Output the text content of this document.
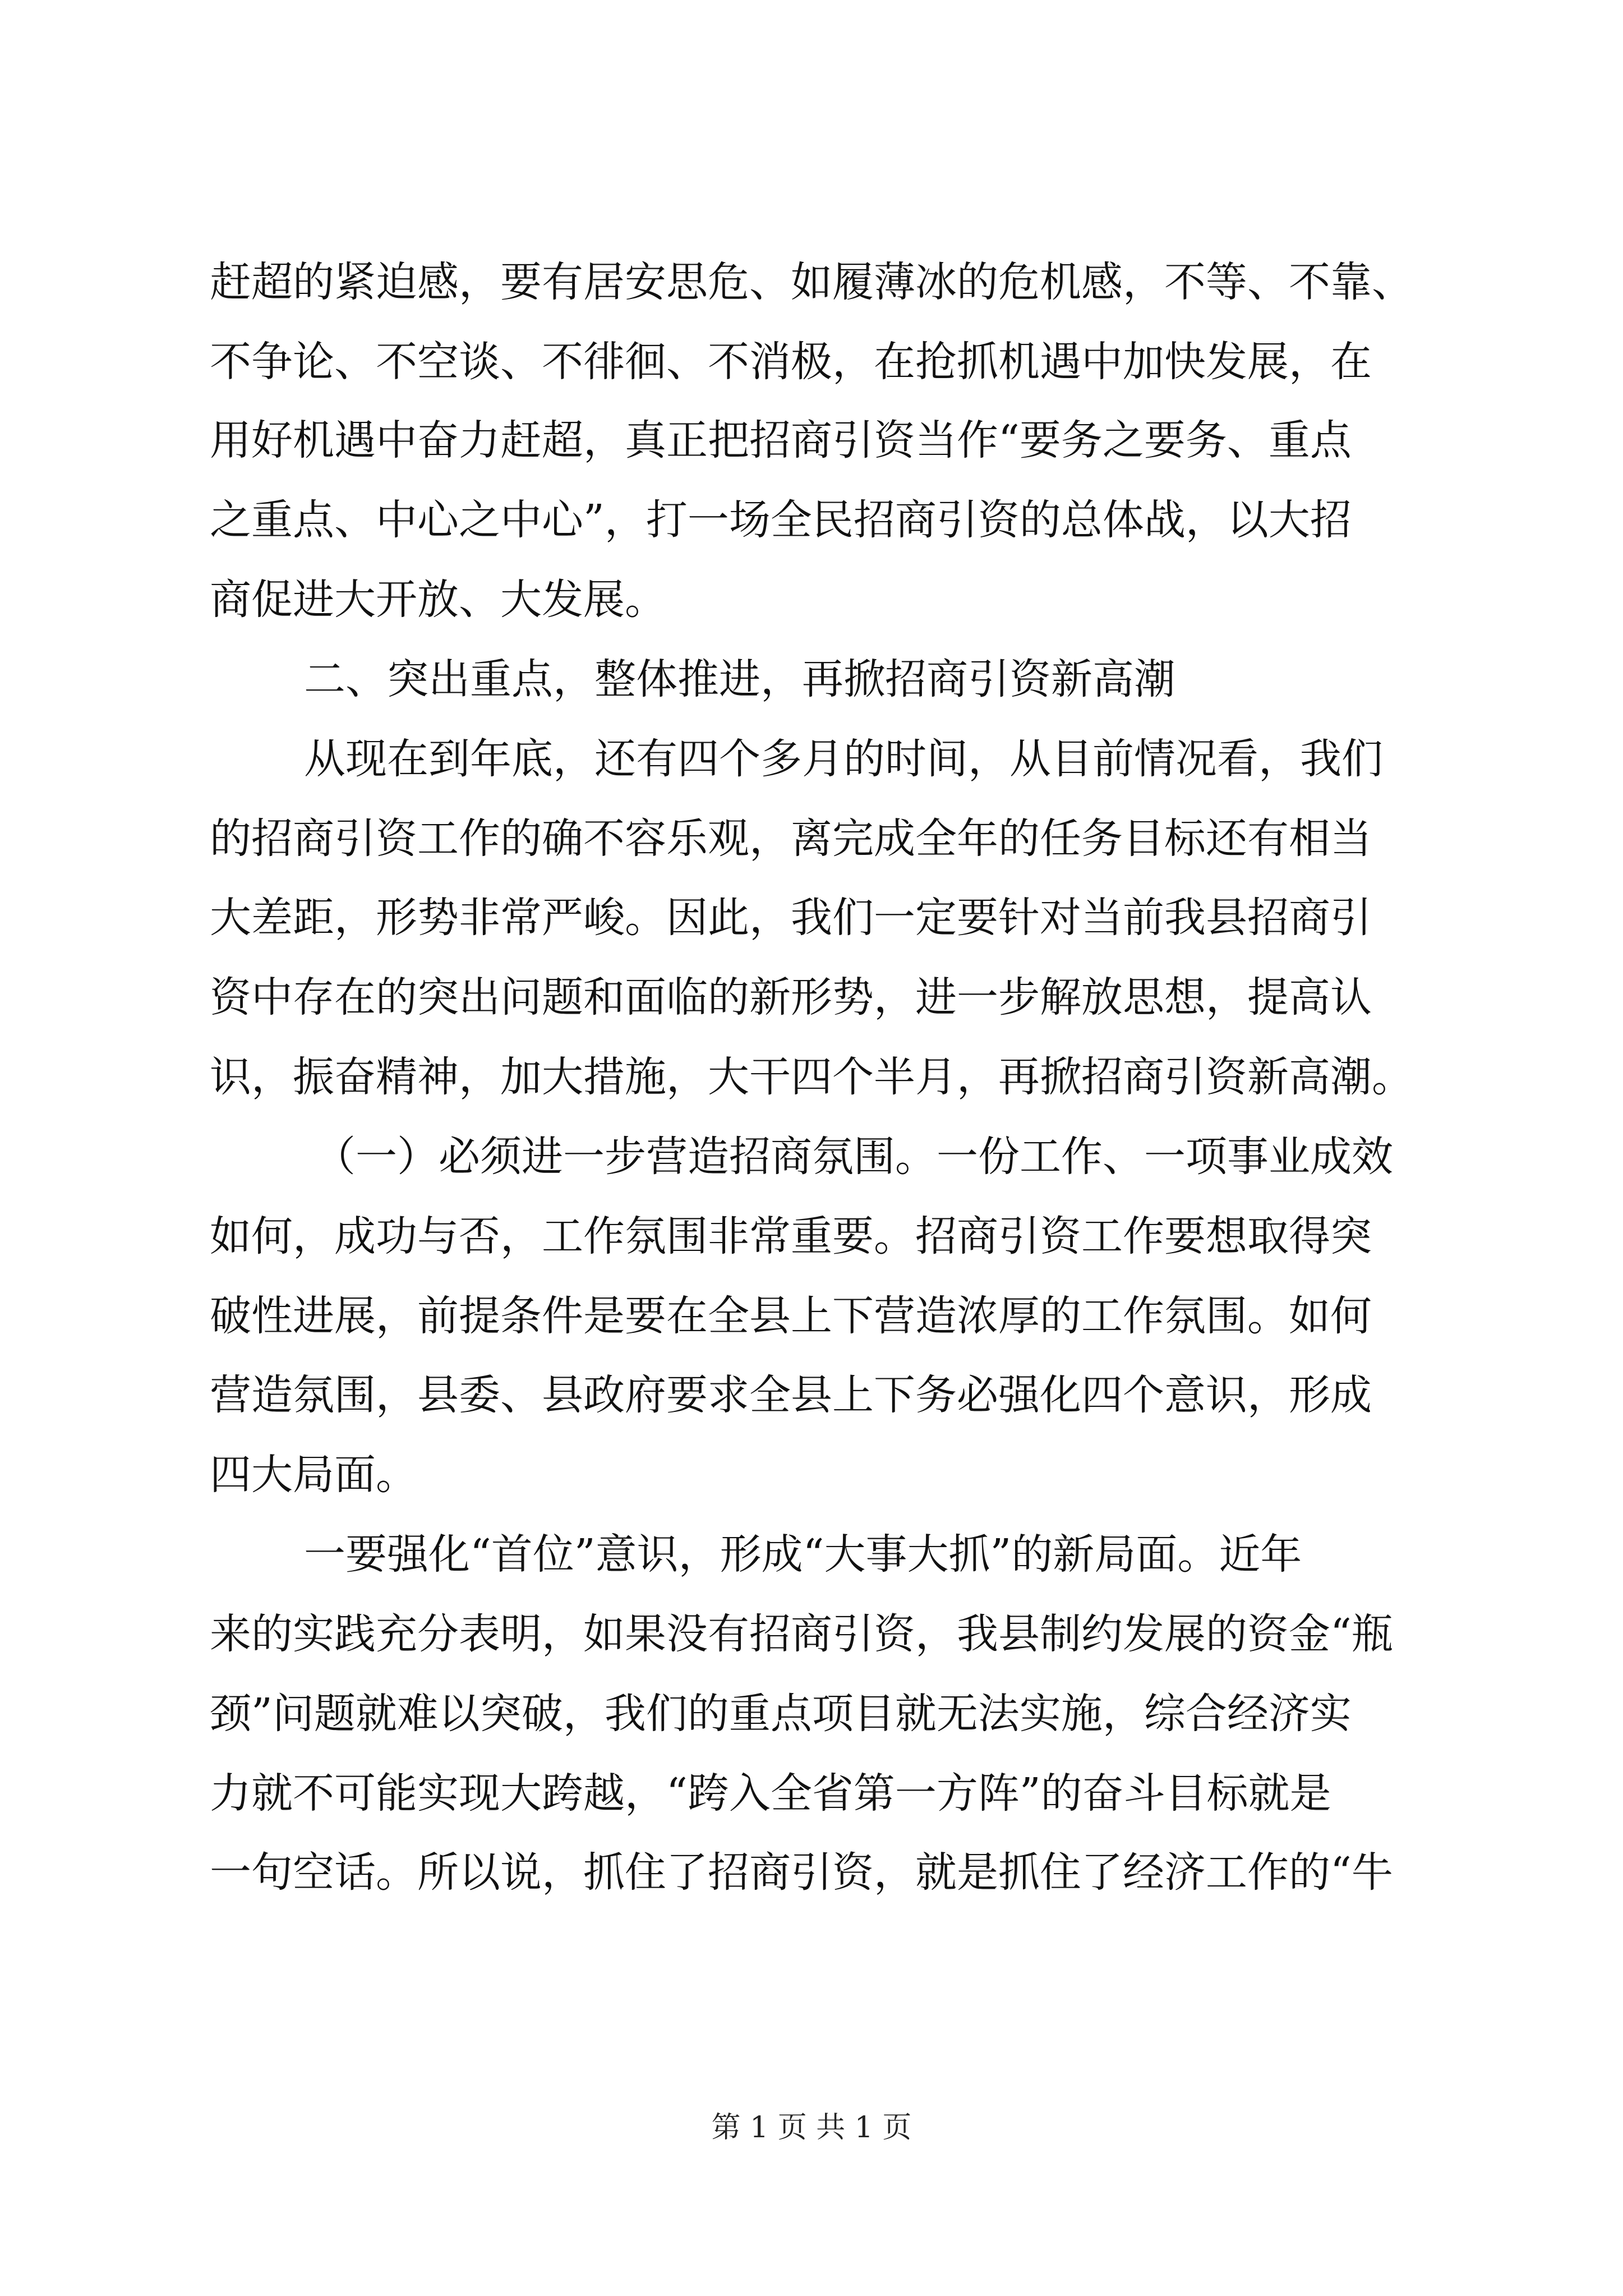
赶超的紧迫感，要有居安思危、如履薄冰的危机感，不等、不靠、
不争论、不空谈、不徘徊、不消极，在抢抓机遇中加快发展，在
用好机遇中奋力赶超，真正把招商引资当作“要务之要务、重点
之重点、中心之中心”，打一场全民招商引资的总体战，以大招
商促进大开放、大发展。
二、突出重点，整体推进，再掀招商引资新高潮
从现在到年底，还有四个多月的时间，从目前情况看，我们
的招商引资工作的确不容乐观，离完成全年的任务目标还有相当
大差距，形势非常严峻。因此，我们一定要针对当前我县招商引
资中存在的突出问题和面临的新形势，进一步解放思想，提高认
识，振奋精神，加大措施，大干四个半月，再掀招商引资新高潮。
（一）必须进一步营造招商氛围。一份工作、一项事业成效
如何，成功与否，工作氛围非常重要。招商引资工作要想取得突
破性进展，前提条件是要在全县上下营造浓厚的工作氛围。如何
营造氛围，县委、县政府要求全县上下务必强化四个意识，形成
四大局面。
一要强化“首位”意识，形成“大事大抓”的新局面。近年
来的实践充分表明，如果没有招商引资，我县制约发展的资金“瓶
颈”问题就难以突破，我们的重点项目就无法实施，综合经济实
力就不可能实现大跨越，“跨入全省第一方阵”的奋斗目标就是
一句空话。所以说，抓住了招商引资，就是抓住了经济工作的“牛
第 1 页 共 1 页
